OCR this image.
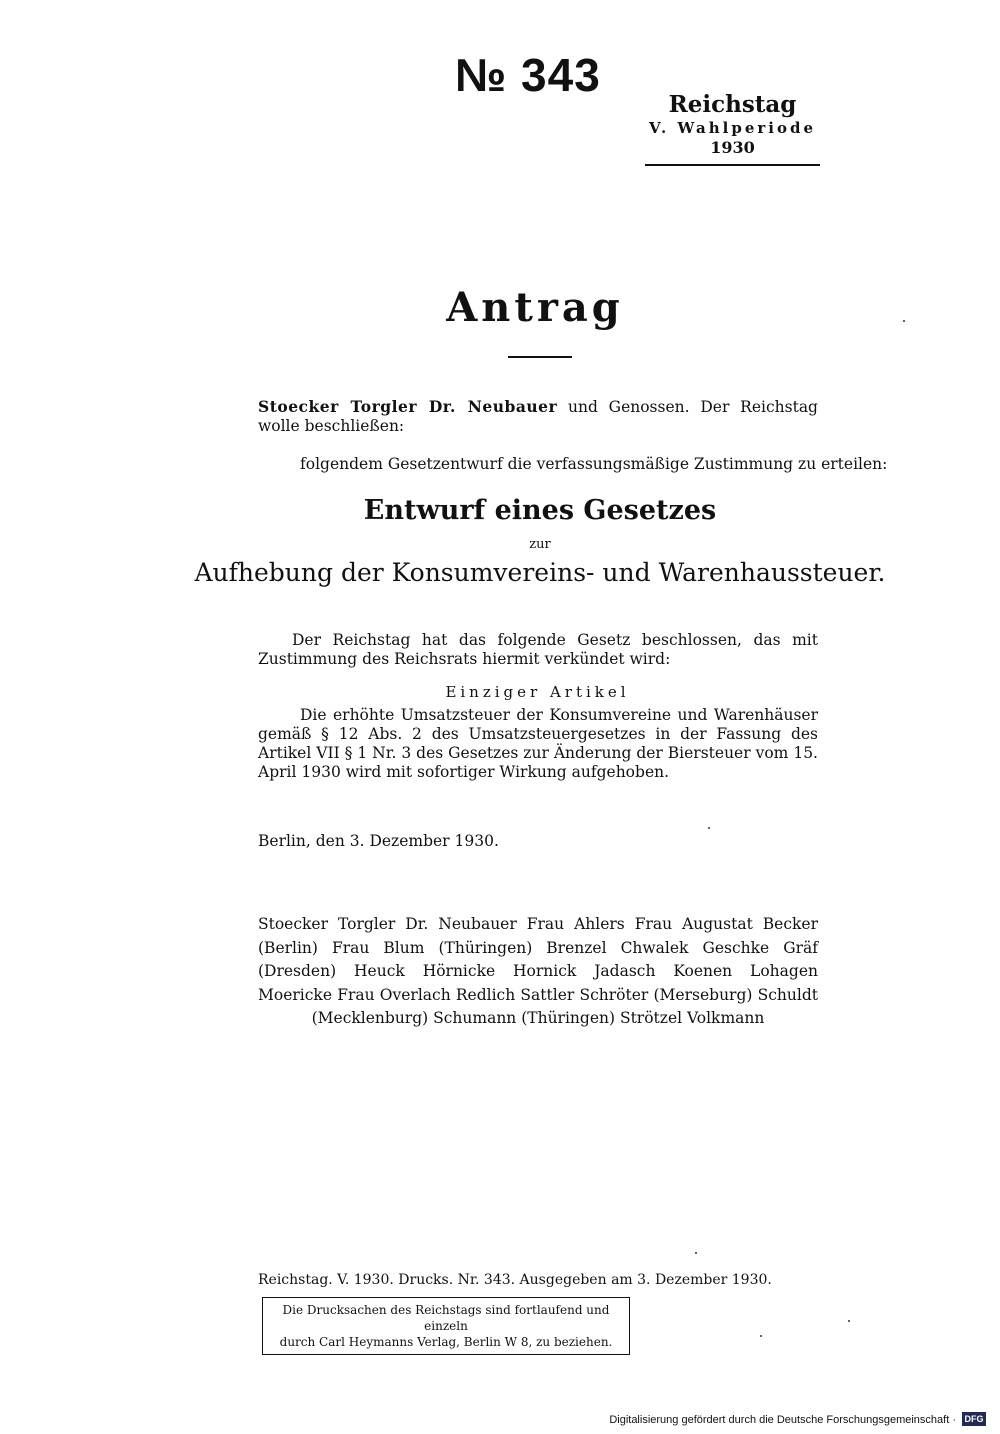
№ 343
Reichstag
V. Wahlperiode
1930
Antrag
Stoecker Torgler Dr. Neubauer und Genossen. Der Reichstag wolle beschließen:
folgendem Gesetzentwurf die verfassungsmäßige Zustimmung zu erteilen:
Entwurf eines Gesetzes
zur
Aufhebung der Konsumvereins- und Warenhaussteuer.
Der Reichstag hat das folgende Gesetz beschlossen, das mit Zustimmung des Reichsrats hiermit verkündet wird:
Einziger Artikel
Die erhöhte Umsatzsteuer der Konsumvereine und Warenhäuser gemäß § 12 Abs. 2 des Umsatzsteuergesetzes in der Fassung des Artikel VII § 1 Nr. 3 des Gesetzes zur Änderung der Biersteuer vom 15. April 1930 wird mit sofortiger Wirkung aufgehoben.
Berlin, den 3. Dezember 1930.
Stoecker Torgler Dr. Neubauer Frau Ahlers Frau Augustat Becker (Berlin) Frau Blum (Thüringen) Brenzel Chwalek Geschke Gräf (Dresden) Heuck Hörnicke Hornick Jadasch Koenen Lohagen Moericke Frau Overlach Redlich Sattler Schröter (Merseburg) Schuldt (Mecklenburg) Schumann (Thüringen) Strötzel Volkmann
Reichstag. V. 1930. Drucks. Nr. 343. Ausgegeben am 3. Dezember 1930.
Die Drucksachen des Reichstags sind fortlaufend und einzeln
durch Carl Heymanns Verlag, Berlin W 8, zu beziehen.
Digitalisierung gefördert durch die Deutsche Forschungsgemeinschaft · DFG
